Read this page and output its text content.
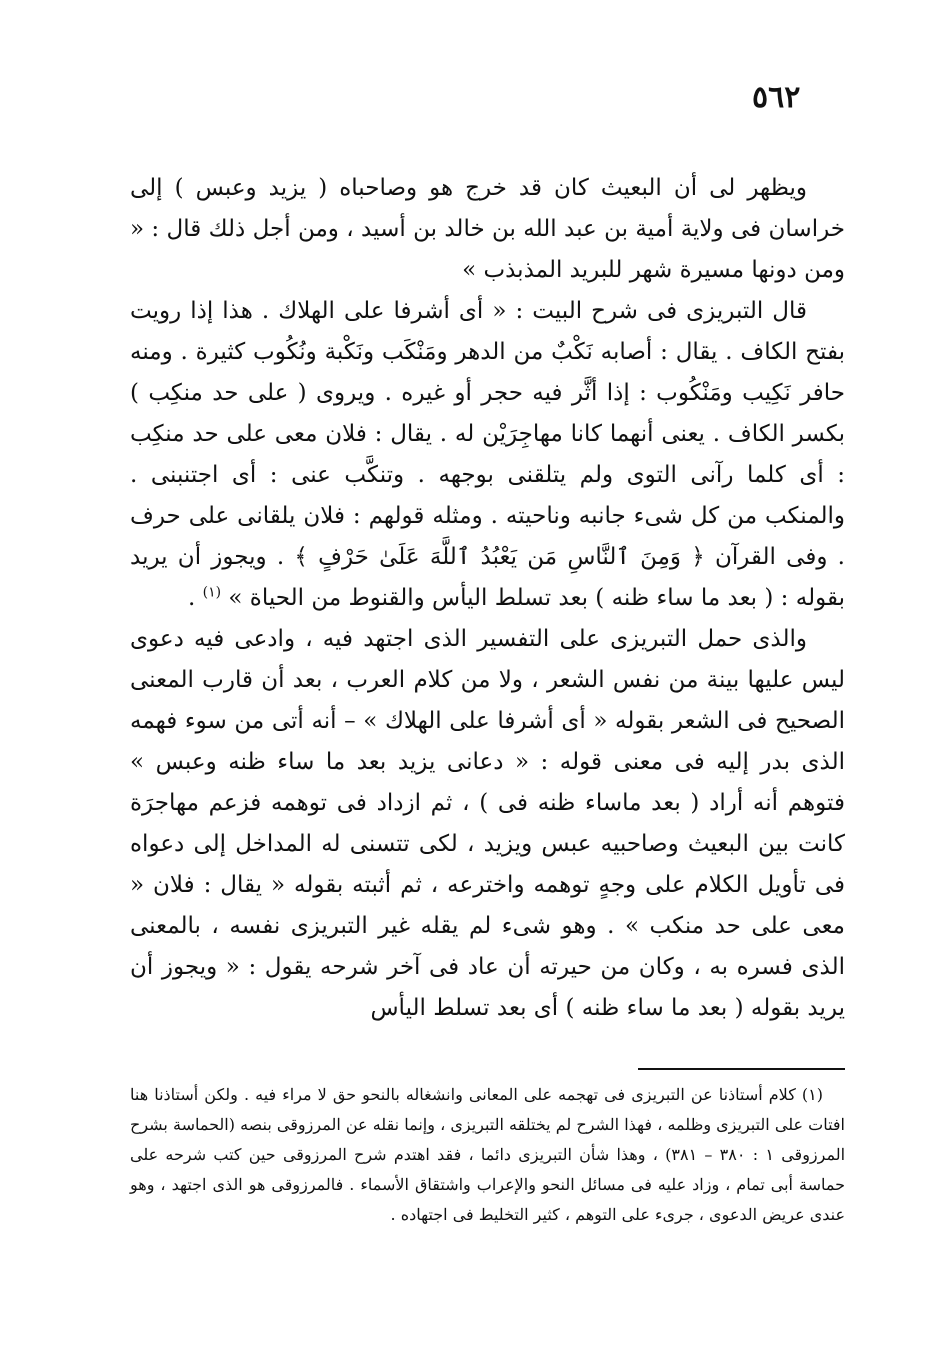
٥٦٢

ويظهر لى أن البعيث كان قد خرج هو وصاحباه ( يزيد وعبس ) إلى خراسان فى ولاية أمية بن عبد الله بن خالد بن أسيد ، ومن أجل ذلك قال : « ومن دونها مسيرة شهر للبريد المذبذب »

قال التبريزى فى شرح البيت : « أى أشرفا على الهلاك . هذا إذا رويت بفتح الكاف . يقال : أصابه نَكْبٌ من الدهر ومَنْكَب ونَكْبة ونُكُوب كثيرة . ومنه حافر نَكِيب ومَنْكُوب : إذا أثَّر فيه حجر أو غيره . ويروى ( على حد منكِب ) بكسر الكاف . يعنى أنهما كانا مهاجِرَيْن له . يقال : فلان معى على حد منكِب : أى كلما رآنى التوى ولم يتلقنى بوجهه . وتنكَّب عنى : أى اجتنبنى . والمنكب من كل شىء جانبه وناحيته . ومثله قولهم : فلان يلقانى على حرف . وفى القرآن ﴿ وَمِنَ ٱلنَّاسِ مَن يَعْبُدُ ٱللَّهَ عَلَىٰ حَرْفٍ ﴾ . ويجوز أن يريد بقوله : ( بعد ما ساء ظنه ) بعد تسلط اليأس والقنوط من الحياة » $^{(١)}$ .

والذى حمل التبريزى على التفسير الذى اجتهد فيه ، وادعى فيه دعوى ليس عليها بينة من نفس الشعر ، ولا من كلام العرب ، بعد أن قارب المعنى الصحيح فى الشعر بقوله « أى أشرفا على الهلاك » – أنه أتى من سوء فهمه الذى بدر إليه فى معنى قوله : « دعانى يزيد بعد ما ساء ظنه وعبس » فتوهم أنه أراد ( بعد ماساء ظنه فى ) ، ثم ازداد فى توهمه فزعم مهاجرَة كانت بين البعيث وصاحبيه عبس ويزيد ، لكى تتسنى له المداخل إلى دعواه فى تأويل الكلام على وجهٍ توهمه واخترعه ، ثم أثبته بقوله « يقال : فلان « معى على حد منكب » . وهو شىء لم يقله غير التبريزى نفسه ، بالمعنى الذى فسره به ، وكان من حيرته أن عاد فى آخر شرحه يقول : « ويجوز أن يريد بقوله ( بعد ما ساء ظنه ) أى بعد تسلط اليأس

(١) كلام أستاذنا عن التبريزى فى تهجمه على المعانى وانشغاله بالنحو حق لا مراء فيه . ولكن أستاذنا هنا افتات على التبريزى وظلمه ، فهذا الشرح لم يختلقه التبريزى ، وإنما نقله عن المرزوقى بنصه (الحماسة بشرح المرزوقى ١ : ٣٨٠ – ٣٨١) ، وهذا شأن التبريزى دائما ، فقد اهتدم شرح المرزوقى حين كتب شرحه على حماسة أبى تمام ، وزاد عليه فى مسائل النحو والإعراب واشتقاق الأسماء . فالمرزوقى هو الذى اجتهد ، وهو عندى عريض الدعوى ، جرىء على التوهم ، كثير التخليط فى اجتهاده .
